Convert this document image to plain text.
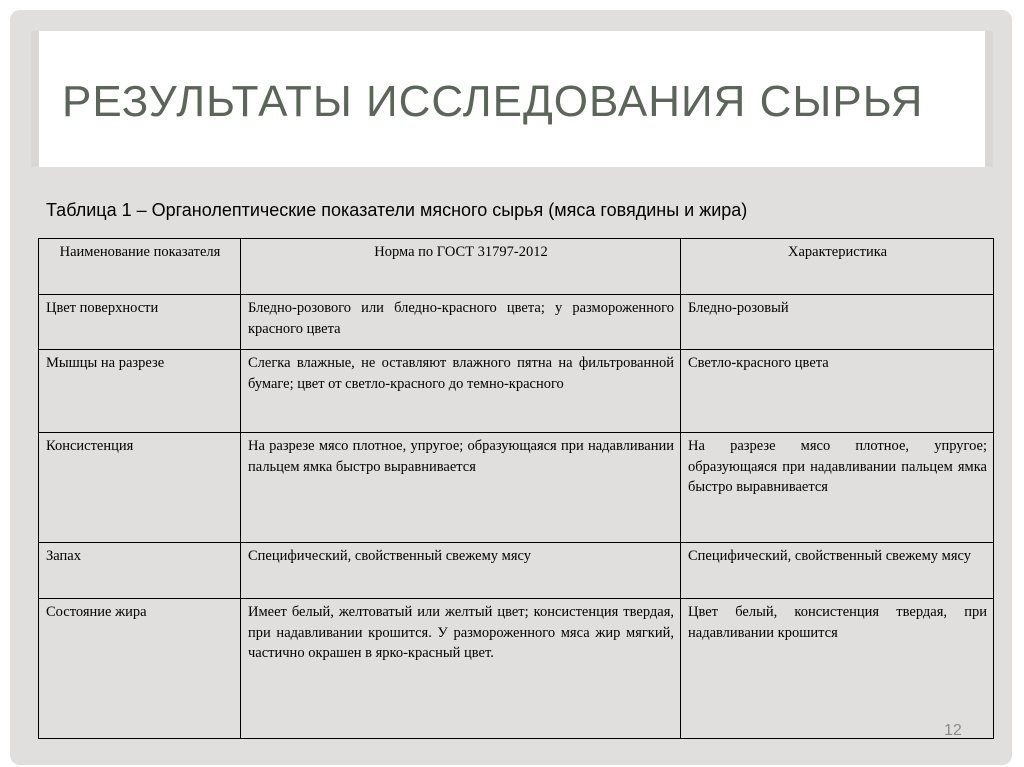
РЕЗУЛЬТАТЫ ИССЛЕДОВАНИЯ СЫРЬЯ
Таблица 1 – Органолептические показатели мясного сырья (мяса говядины и жира)
Наименование показателя	Норма по ГОСТ 31797-2012	Характеристика
Цвет поверхности	Бледно-розового или бледно-красного цвета; у размороженного красного цвета	Бледно-розовый
Мышцы на разрезе	Слегка влажные, не оставляют влажного пятна на фильтрованной бумаге; цвет от светло-красного до темно-красного	Светло-красного цвета
Консистенция	На разрезе мясо плотное, упругое; образующаяся при надавливании пальцем ямка быстро выравнивается	На разрезе мясо плотное, упругое; образующаяся при надавливании пальцем ямка быстро выравнивается
Запах	Специфический, свойственный свежему мясу	Специфический, свойственный свежему мясу
Состояние жира	Имеет белый, желтоватый или желтый цвет; консистенция твердая, при надавливании крошится. У размороженного мяса жир мягкий, частично окрашен в ярко-красный цвет.	Цвет белый, консистенция твердая, при надавливании крошится
12
